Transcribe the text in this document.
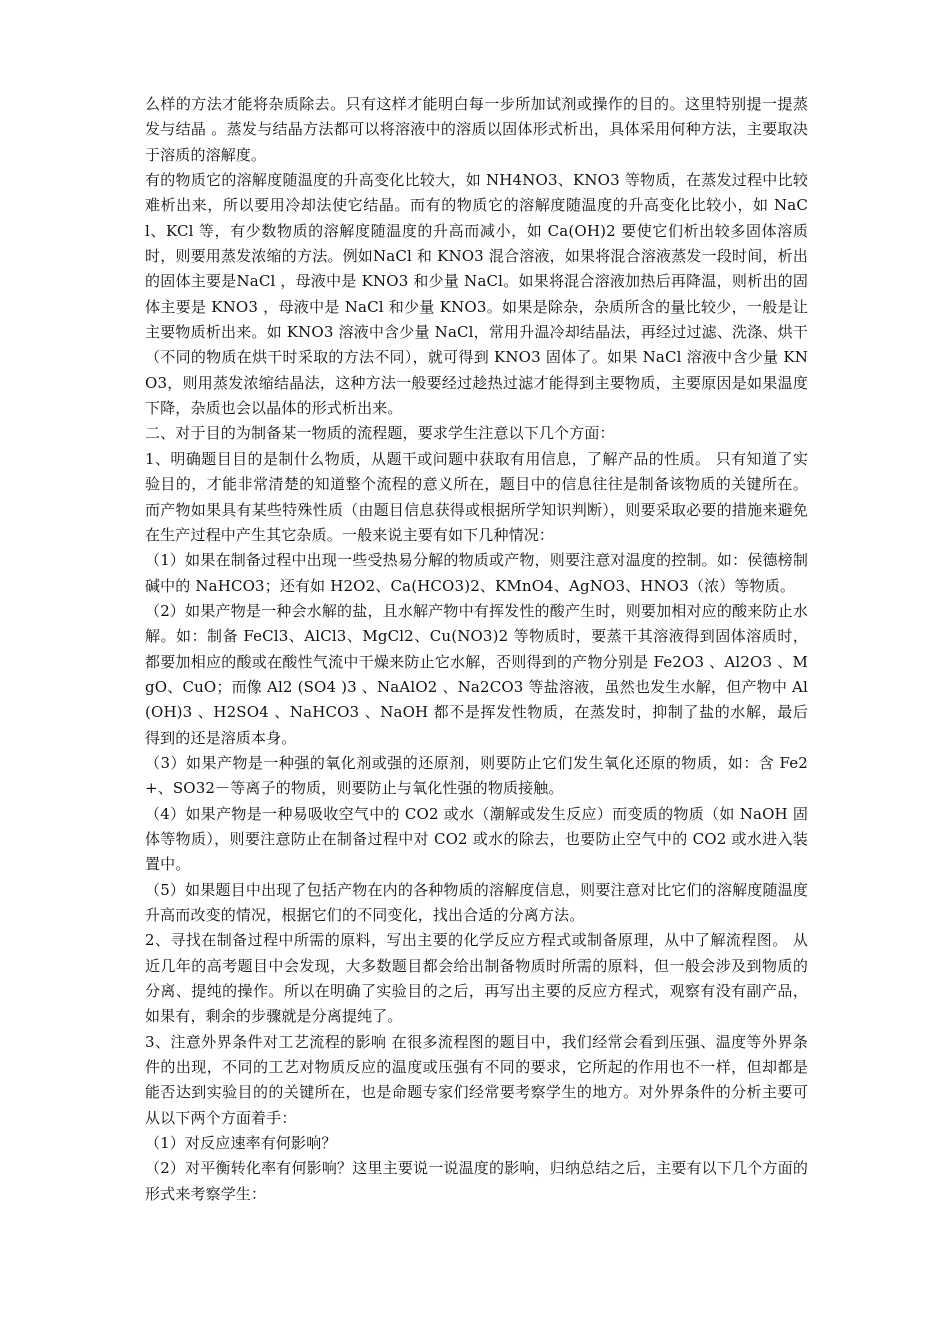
么样的方法才能将杂质除去。只有这样才能明白每一步所加试剂或操作的目的。这里特别提一提蒸发与结晶 。蒸发与结晶方法都可以将溶液中的溶质以固体形式析出，具体采用何种方法，主要取决于溶质的溶解度。

有的物质它的溶解度随温度的升高变化比较大，如 NH4NO3、KNO3 等物质，在蒸发过程中比较难析出来，所以要用冷却法使它结晶。而有的物质它的溶解度随温度的升高变化比较小，如 NaCl、KCl 等，有少数物质的溶解度随温度的升高而减小，如 Ca(OH)2 要使它们析出较多固体溶质时，则要用蒸发浓缩的方法。例如NaCl 和 KNO3 混合溶液，如果将混合溶液蒸发一段时间，析出的固体主要是NaCl ，母液中是 KNO3 和少量 NaCl。如果将混合溶液加热后再降温，则析出的固体主要是 KNO3 ，母液中是 NaCl 和少量 KNO3。如果是除杂，杂质所含的量比较少，一般是让主要物质析出来。如 KNO3 溶液中含少量 NaCl，常用升温冷却结晶法，再经过过滤、洗涤、烘干（不同的物质在烘干时采取的方法不同），就可得到 KNO3 固体了。如果 NaCl 溶液中含少量 KNO3，则用蒸发浓缩结晶法，这种方法一般要经过趁热过滤才能得到主要物质，主要原因是如果温度下降，杂质也会以晶体的形式析出来。

二、对于目的为制备某一物质的流程题，要求学生注意以下几个方面：

1、明确题目目的是制什么物质，从题干或问题中获取有用信息，了解产品的性质。 只有知道了实验目的，才能非常清楚的知道整个流程的意义所在，题目中的信息往往是制备该物质的关键所在。而产物如果具有某些特殊性质（由题目信息获得或根据所学知识判断），则要采取必要的措施来避免在生产过程中产生其它杂质。一般来说主要有如下几种情况：

（1）如果在制备过程中出现一些受热易分解的物质或产物，则要注意对温度的控制。如：侯德榜制碱中的 NaHCO3；还有如 H2O2、Ca(HCO3)2、KMnO4、AgNO3、HNO3（浓）等物质。

（2）如果产物是一种会水解的盐，且水解产物中有挥发性的酸产生时，则要加相对应的酸来防止水解。如：制备 FeCl3、AlCl3、MgCl2、Cu(NO3)2 等物质时，要蒸干其溶液得到固体溶质时，都要加相应的酸或在酸性气流中干燥来防止它水解，否则得到的产物分别是 Fe2O3 、Al2O3 、MgO、CuO；而像 Al2 (SO4 )3 、NaAlO2 、Na2CO3 等盐溶液，虽然也发生水解，但产物中 Al(OH)3 、H2SO4 、NaHCO3 、NaOH 都不是挥发性物质，在蒸发时，抑制了盐的水解，最后得到的还是溶质本身。

（3）如果产物是一种强的氧化剂或强的还原剂，则要防止它们发生氧化还原的物质，如：含 Fe2+、SO32－等离子的物质，则要防止与氧化性强的物质接触。

（4）如果产物是一种易吸收空气中的 CO2 或水（潮解或发生反应）而变质的物质（如 NaOH 固体等物质），则要注意防止在制备过程中对 CO2 或水的除去，也要防止空气中的 CO2 或水进入装置中。

（5）如果题目中出现了包括产物在内的各种物质的溶解度信息，则要注意对比它们的溶解度随温度升高而改变的情况，根据它们的不同变化，找出合适的分离方法。

2、寻找在制备过程中所需的原料，写出主要的化学反应方程式或制备原理，从中了解流程图。 从近几年的高考题目中会发现，大多数题目都会给出制备物质时所需的原料，但一般会涉及到物质的分离、提纯的操作。所以在明确了实验目的之后，再写出主要的反应方程式，观察有没有副产品，如果有，剩余的步骤就是分离提纯了。

3、注意外界条件对工艺流程的影响 在很多流程图的题目中，我们经常会看到压强、温度等外界条件的出现，不同的工艺对物质反应的温度或压强有不同的要求，它所起的作用也不一样，但却都是能否达到实验目的的关键所在，也是命题专家们经常要考察学生的地方。对外界条件的分析主要可从以下两个方面着手：

（1）对反应速率有何影响？

（2）对平衡转化率有何影响？这里主要说一说温度的影响，归纳总结之后，主要有以下几个方面的形式来考察学生：
